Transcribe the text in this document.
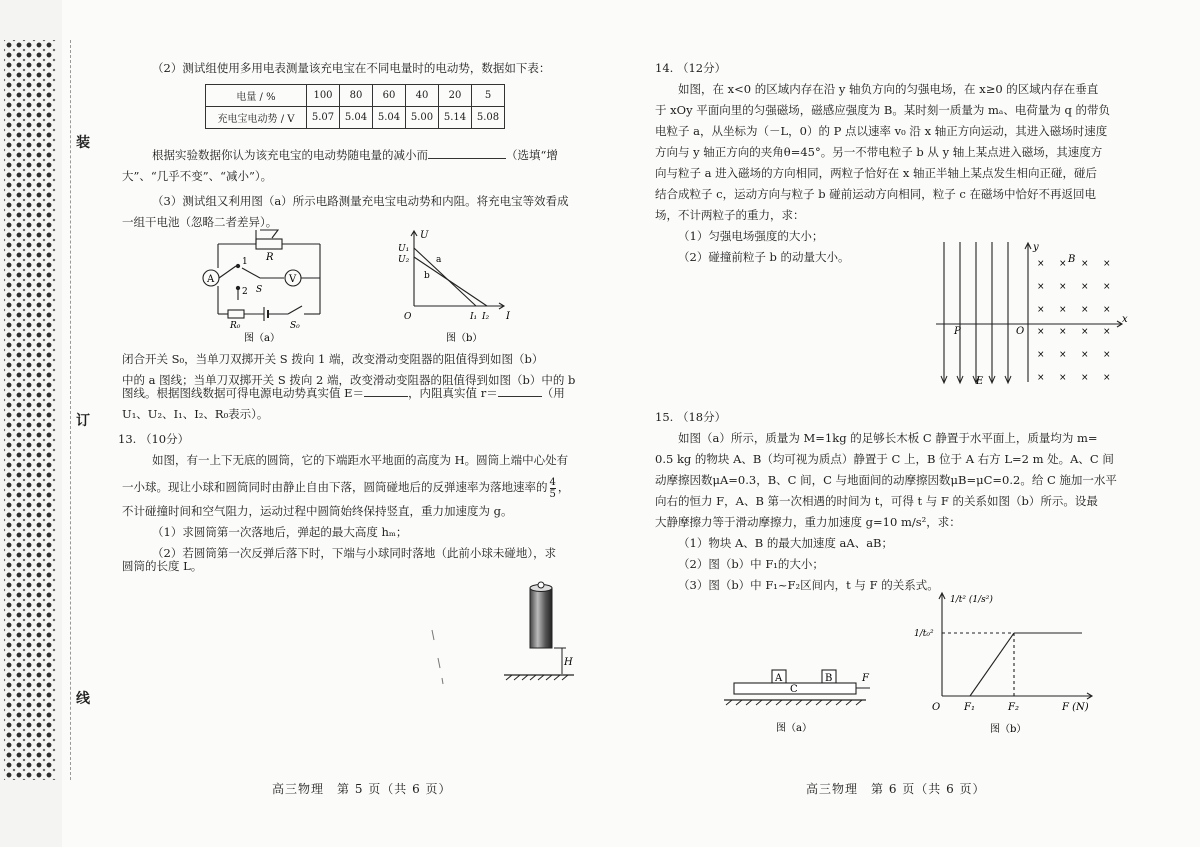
装
订
线
（2）测试组使用多用电表测量该充电宝在不同电量时的电动势，数据如下表：
电量 / %	100	80	60	40	20	5
充电宝电动势 / V	5.07	5.04	5.04	5.00	5.14	5.08
根据实验数据你认为该充电宝的电动势随电量的减小而	（选填“增
大”、“几乎不变”、“减小”）。
（3）测试组又利用图（a）所示电路测量充电宝电动势和内阻。将充电宝等效看成
一组干电池（忽略二者差异）。
R
A	V
1
2 S
R₀	S₀
图（a）
U
U₁
U₂	a
b
O	I₁ I₂ I
图（b）
闭合开关 S₀，当单刀双掷开关 S 拨向 1 端，改变滑动变阻器的阻值得到如图（b）
中的 a 图线；当单刀双掷开关 S 拨向 2 端，改变滑动变阻器的阻值得到如图（b）中的 b
图线。根据图线数据可得电源电动势真实值 E＝	，内阻真实值 r＝	（用
U₁、U₂、I₁、I₂、R₀表示）。
13. （10分）
如图，有一上下无底的圆筒，它的下端距水平地面的高度为 H。圆筒上端中心处有
一小球。现让小球和圆筒同时由静止自由下落，圆筒碰地后的反弹速率为落地速率的 $\frac{4}{5}$ ，
不计碰撞时间和空气阻力，运动过程中圆筒始终保持竖直，重力加速度为 g。
（1）求圆筒第一次落地后，弹起的最大高度 hₘ；
（2）若圆筒第一次反弹后落下时，下端与小球同时落地（此前小球未碰地），求
圆筒的长度 L。
H
高三物理　第 5 页（共 6 页）
14. （12分）
如图，在 x<0 的区域内存在沿 y 轴负方向的匀强电场，在 x≥0 的区域内存在垂直
于 xOy 平面向里的匀强磁场，磁感应强度为 B。某时刻一质量为 mₐ、电荷量为 q 的带负
电粒子 a，从坐标为（－L，0）的 P 点以速率 v₀ 沿 x 轴正方向运动，其进入磁场时速度
方向与 y 轴正方向的夹角θ=45°。另一不带电粒子 b 从 y 轴上某点进入磁场，其速度方
向与粒子 a 进入磁场的方向相同，两粒子恰好在 x 轴正半轴上某点发生相向正碰，碰后
结合成粒子 c，运动方向与粒子 b 碰前运动方向相同，粒子 c 在磁场中恰好不再返回电
场，不计两粒子的重力，求：
（1）匀强电场强度的大小；
（2）碰撞前粒子 b 的动量大小。	× × × ×
× × × ×
× × × ×
× × × ×
× × × ×
× × × ×
y
x
B
P	O
E
15. （18分）
如图（a）所示，质量为 M=1kg 的足够长木板 C 静置于水平面上，质量均为 m=
0.5 kg 的物块 A、B（均可视为质点）静置于 C 上，B 位于 A 右方 L=2 m 处。A、C 间
动摩擦因数μA=0.3，B、C 间，C 与地面间的动摩擦因数μB=μC=0.2。给 C 施加一水平
向右的恒力 F，A、B 第一次相遇的时间为 t，可得 t 与 F 的关系如图（b）所示。设最
大静摩擦力等于滑动摩擦力，重力加速度 g=10 m/s²，求：
（1）物块 A、B 的最大加速度 aA、aB；
（2）图（b）中 F₁的大小；
（3）图（b）中 F₁~F₂区间内，t 与 F 的关系式。
A	B
C
F
图（a）
1/t² (1/s²)
1/t₀²
O F₁	F₂	F (N)
图（b）
高三物理　第 6 页（共 6 页）
